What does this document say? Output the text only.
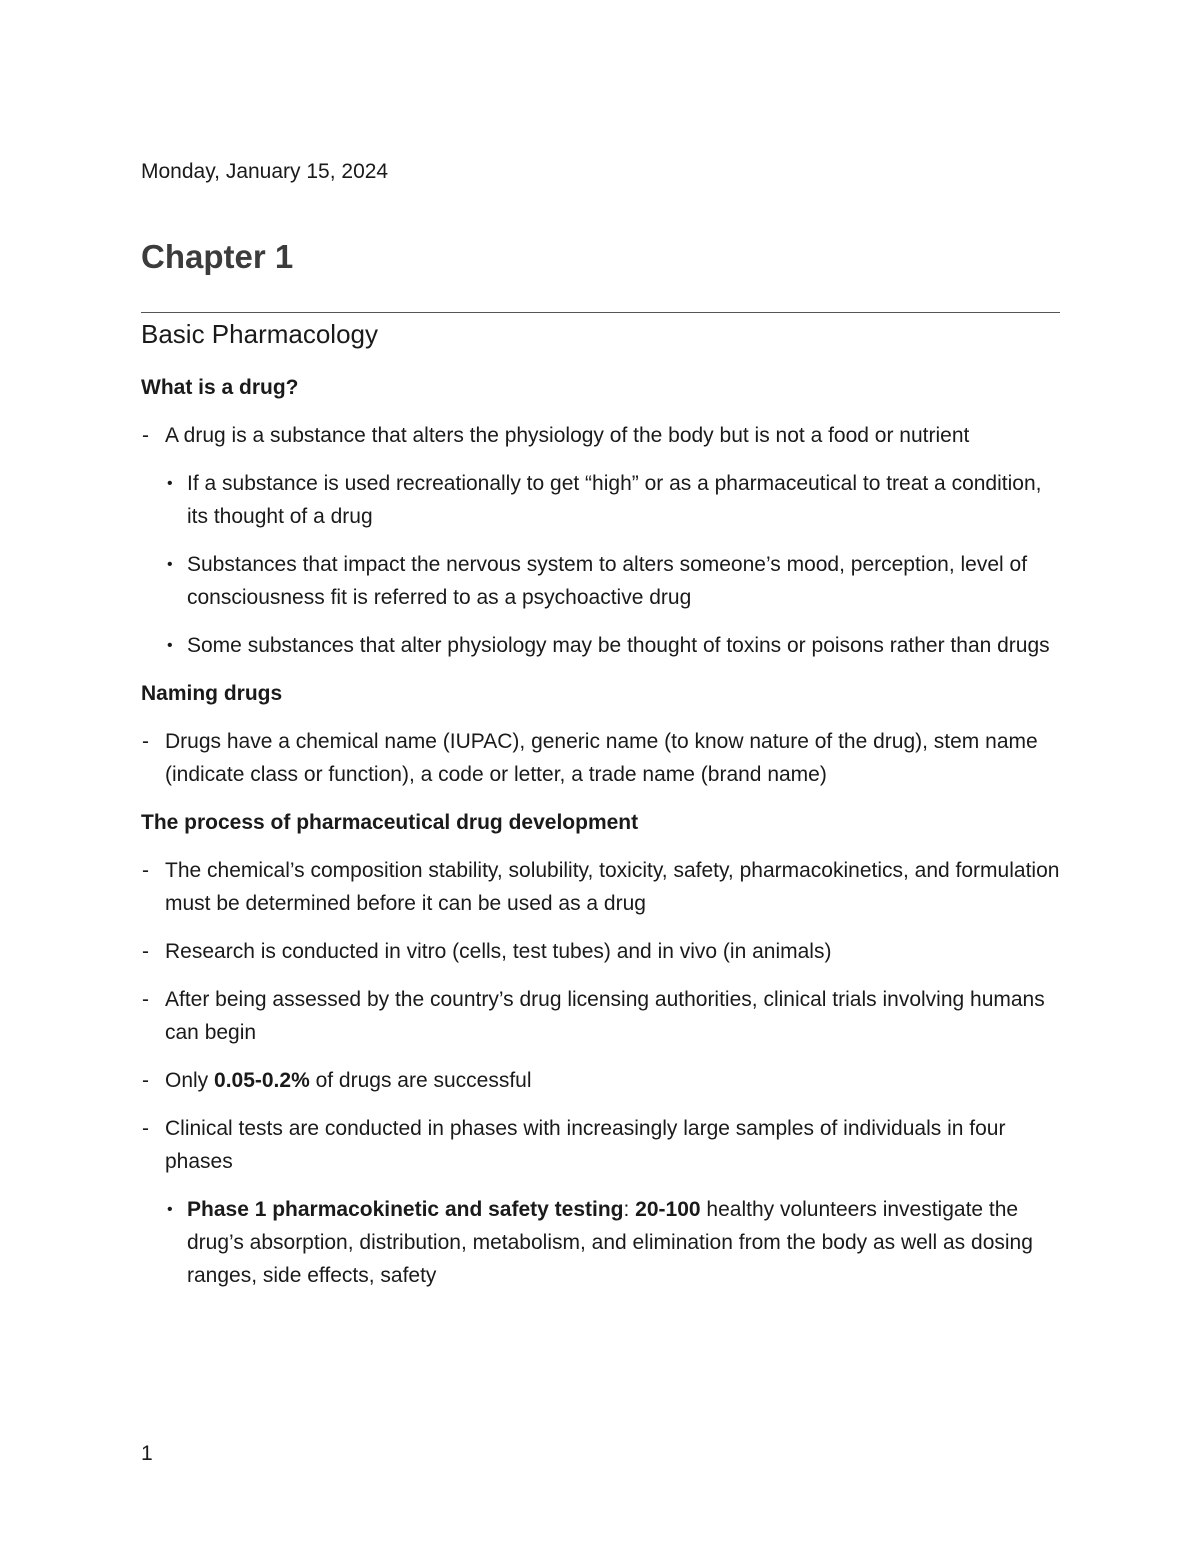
Monday, January 15, 2024
Chapter 1
Basic Pharmacology

What is a drug?

- A drug is a substance that alters the physiology of the body but is not a food or nutrient
• If a substance is used recreationally to get “high” or as a pharmaceutical to treat a condition, its thought of a drug
• Substances that impact the nervous system to alters someone’s mood, perception, level of consciousness fit is referred to as a psychoactive drug
• Some substances that alter physiology may be thought of toxins or poisons rather than drugs

Naming drugs

- Drugs have a chemical name (IUPAC), generic name (to know nature of the drug), stem name (indicate class or function), a code or letter, a trade name (brand name)

The process of pharmaceutical drug development

- The chemical’s composition stability, solubility, toxicity, safety, pharmacokinetics, and formulation must be determined before it can be used as a drug
- Research is conducted in vitro (cells, test tubes) and in vivo (in animals)
- After being assessed by the country’s drug licensing authorities, clinical trials involving humans can begin
- Only 0.05-0.2% of drugs are successful
- Clinical tests are conducted in phases with increasingly large samples of individuals in four phases
• Phase 1 pharmacokinetic and safety testing: 20-100 healthy volunteers investigate the drug’s absorption, distribution, metabolism, and elimination from the body as well as dosing ranges, side effects, safety
1
